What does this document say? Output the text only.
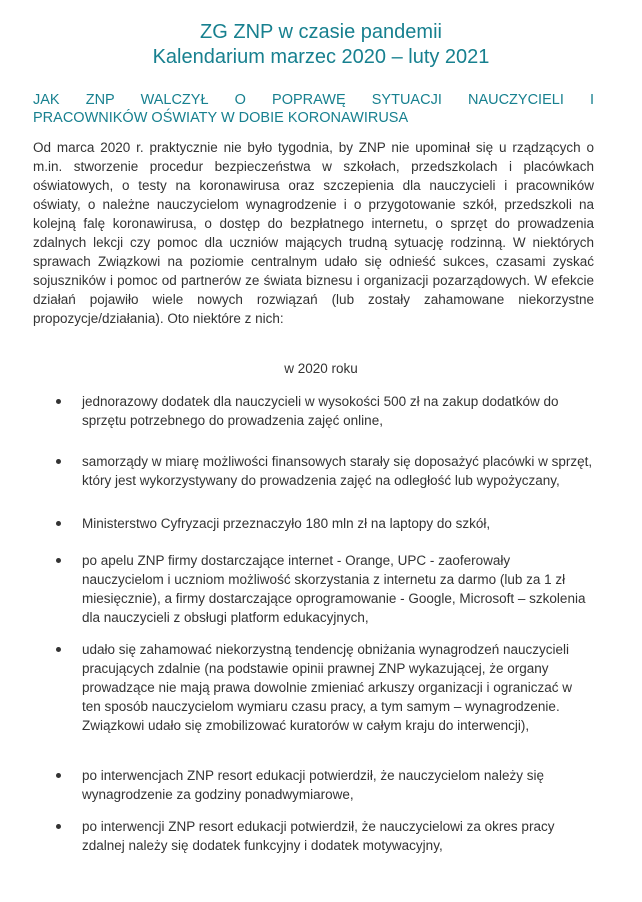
ZG ZNP w czasie pandemii
Kalendarium marzec 2020 – luty 2021
JAK ZNP WALCZYŁ O POPRAWĘ SYTUACJI NAUCZYCIELI I
PRACOWNIKÓW OŚWIATY W DOBIE KORONAWIRUSA

Od marca 2020 r. praktycznie nie było tygodnia, by ZNP nie upominał się u rządzących o m.in. stworzenie procedur bezpieczeństwa w szkołach, przedszkolach i placówkach oświatowych, o testy na koronawirusa oraz szczepienia dla nauczycieli i pracowników oświaty, o należne nauczycielom wynagrodzenie i o przygotowanie szkół, przedszkoli na kolejną falę koronawirusa, o dostęp do bezpłatnego internetu, o sprzęt do prowadzenia zdalnych lekcji czy pomoc dla uczniów mających trudną sytuację rodzinną. W niektórych sprawach Związkowi na poziomie centralnym udało się odnieść sukces, czasami zyskać sojuszników i pomoc od partnerów ze świata biznesu i organizacji pozarządowych. W efekcie działań pojawiło wiele nowych rozwiązań (lub zostały zahamowane niekorzystne propozycje/działania). Oto niektóre z nich:

w 2020 roku

jednorazowy dodatek dla nauczycieli w wysokości 500 zł na zakup dodatków do sprzętu potrzebnego do prowadzenia zajęć online,
samorządy w miarę możliwości finansowych starały się doposażyć placówki w sprzęt, który jest wykorzystywany do prowadzenia zajęć na odległość lub wypożyczany,
Ministerstwo Cyfryzacji przeznaczyło 180 mln zł na laptopy do szkół,
po apelu ZNP firmy dostarczające internet - Orange, UPC - zaoferowały nauczycielom i uczniom możliwość skorzystania z internetu za darmo (lub za 1 zł miesięcznie), a firmy dostarczające oprogramowanie - Google, Microsoft – szkolenia dla nauczycieli z obsługi platform edukacyjnych,
udało się zahamować niekorzystną tendencję obniżania wynagrodzeń nauczycieli pracujących zdalnie (na podstawie opinii prawnej ZNP wykazującej, że organy prowadzące nie mają prawa dowolnie zmieniać arkuszy organizacji i ograniczać w ten sposób nauczycielom wymiaru czasu pracy, a tym samym – wynagrodzenie. Związkowi udało się zmobilizować kuratorów w całym kraju do interwencji),
po interwencjach ZNP resort edukacji potwierdził, że nauczycielom należy się wynagrodzenie za godziny ponadwymiarowe,
po interwencji ZNP resort edukacji potwierdził, że nauczycielowi za okres pracy zdalnej należy się dodatek funkcyjny i dodatek motywacyjny,
